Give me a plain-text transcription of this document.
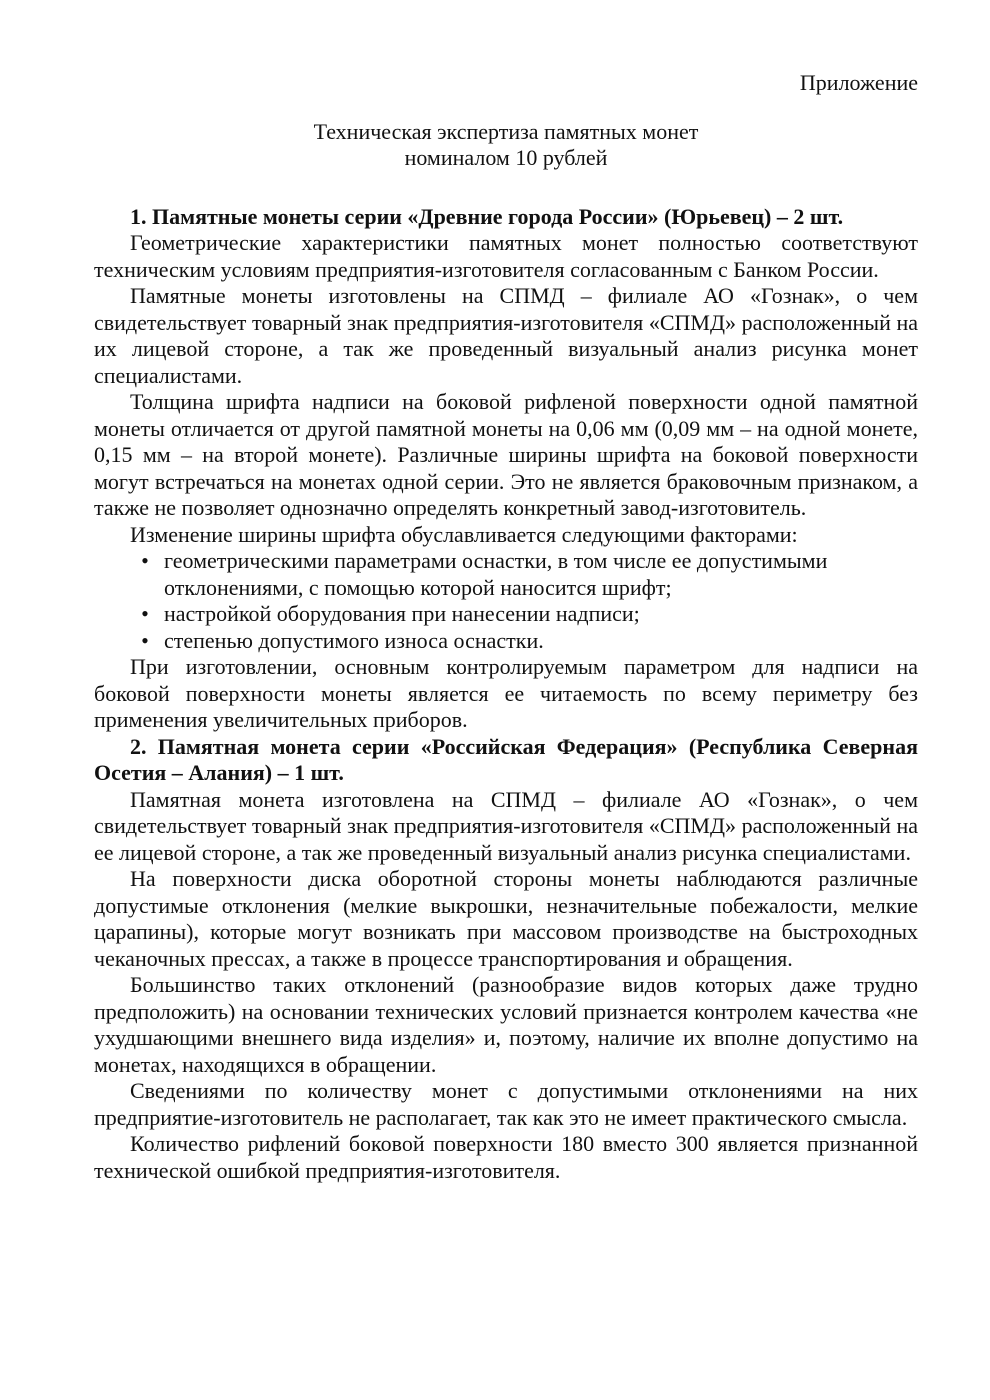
Приложение
Техническая экспертиза памятных монет
номиналом 10 рублей

1. Памятные монеты серии «Древние города России» (Юрьевец) – 2 шт.

Геометрические характеристики памятных монет полностью соответствуют техническим условиям предприятия-изготовителя согласованным с Банком России.

Памятные монеты изготовлены на СПМД – филиале АО «Гознак», о чем свидетельствует товарный знак предприятия-изготовителя «СПМД» расположенный на их лицевой стороне, а так же проведенный визуальный анализ рисунка монет специалистами.

Толщина шрифта надписи на боковой рифленой поверхности одной памятной монеты отличается от другой памятной монеты на 0,06 мм (0,09 мм – на одной монете, 0,15 мм – на второй монете). Различные ширины шрифта на боковой поверхности могут встречаться на монетах одной серии. Это не является браковочным признаком, а также не позволяет однозначно определять конкретный завод-изготовитель.

Изменение ширины шрифта обуславливается следующими факторами:

• геометрическими параметрами оснастки, в том числе ее допустимыми отклонениями, с помощью которой наносится шрифт;
• настройкой оборудования при нанесении надписи;
• степенью допустимого износа оснастки.

При изготовлении, основным контролируемым параметром для надписи на боковой поверхности монеты является ее читаемость по всему периметру без применения увеличительных приборов.

2. Памятная монета серии «Российская Федерация» (Республика Северная Осетия – Алания) – 1 шт.

Памятная монета изготовлена на СПМД – филиале АО «Гознак», о чем свидетельствует товарный знак предприятия-изготовителя «СПМД» расположенный на ее лицевой стороне, а так же проведенный визуальный анализ рисунка специалистами.

На поверхности диска оборотной стороны монеты наблюдаются различные допустимые отклонения (мелкие выкрошки, незначительные побежалости, мелкие царапины), которые могут возникать при массовом производстве на быстроходных чеканочных прессах, а также в процессе транспортирования и обращения.

Большинство таких отклонений (разнообразие видов которых даже трудно предположить) на основании технических условий признается контролем качества «не ухудшающими внешнего вида изделия» и, поэтому, наличие их вполне допустимо на монетах, находящихся в обращении.

Сведениями по количеству монет с допустимыми отклонениями на них предприятие-изготовитель не располагает, так как это не имеет практического смысла.

Количество рифлений боковой поверхности 180 вместо 300 является признанной технической ошибкой предприятия-изготовителя.
